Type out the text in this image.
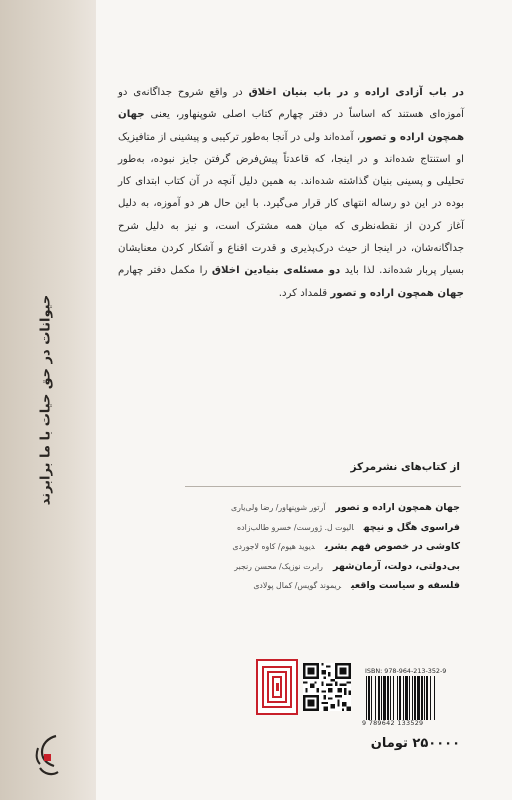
حیوانات در حق حیات با ما برابرند
در باب آزادی اراده و در باب بنیان اخلاق در واقع شروح جداگانه‌ی دو آموزه‌ای هستند که اساساً در دفتر چهارم کتاب اصلی شوپنهاور، یعنی جهان همچون اراده و تصور، آمده‌اند ولی در آنجا به‌طور ترکیبی و پیشینی از متافیزیک او استنتاج شده‌اند و در اینجا، که قاعدتاً پیش‌فرض گرفتن جایز نبوده، به‌طور تحلیلی و پسینی بنیان گذاشته شده‌اند. به همین دلیل آنچه در آن کتاب ابتدای کار بوده در این دو رساله انتهای کار قرار می‌گیرد. با این حال هر دو آموزه، به دلیل آغاز کردن از نقطه‌نظری که میان همه مشترک است، و نیز به دلیل شرح جداگانه‌شان، در اینجا از حیث درک‌پذیری و قدرت اقناع و آشکار کردن معنایشان بسیار پربار شده‌اند. لذا باید دو مسئله‌ی بنیادین اخلاق را مکمل دفتر چهارم جهان همچون اراده و تصور قلمداد کرد.
از کتاب‌های نشرمرکز
جهان همچون اراده و تصورآرتور شوپنهاور/ رضا ولی‌یاری
فراسوی هگل و نیچهالیوت ل. ژورست/ خسرو طالب‌زاده
کاوشی در خصوص فهم بشریدیوید هیوم/ کاوه لاجوردی
بی‌دولتی، دولت، آرمان‌شهررابرت نوزیک/ محسن رنجبر
فلسفه و سیاست واقعیریموند گویس/ کمال پولادی
ISBN: 978-964-213-352-9
9 789642 133529
۲۵۰۰۰۰ تومان
